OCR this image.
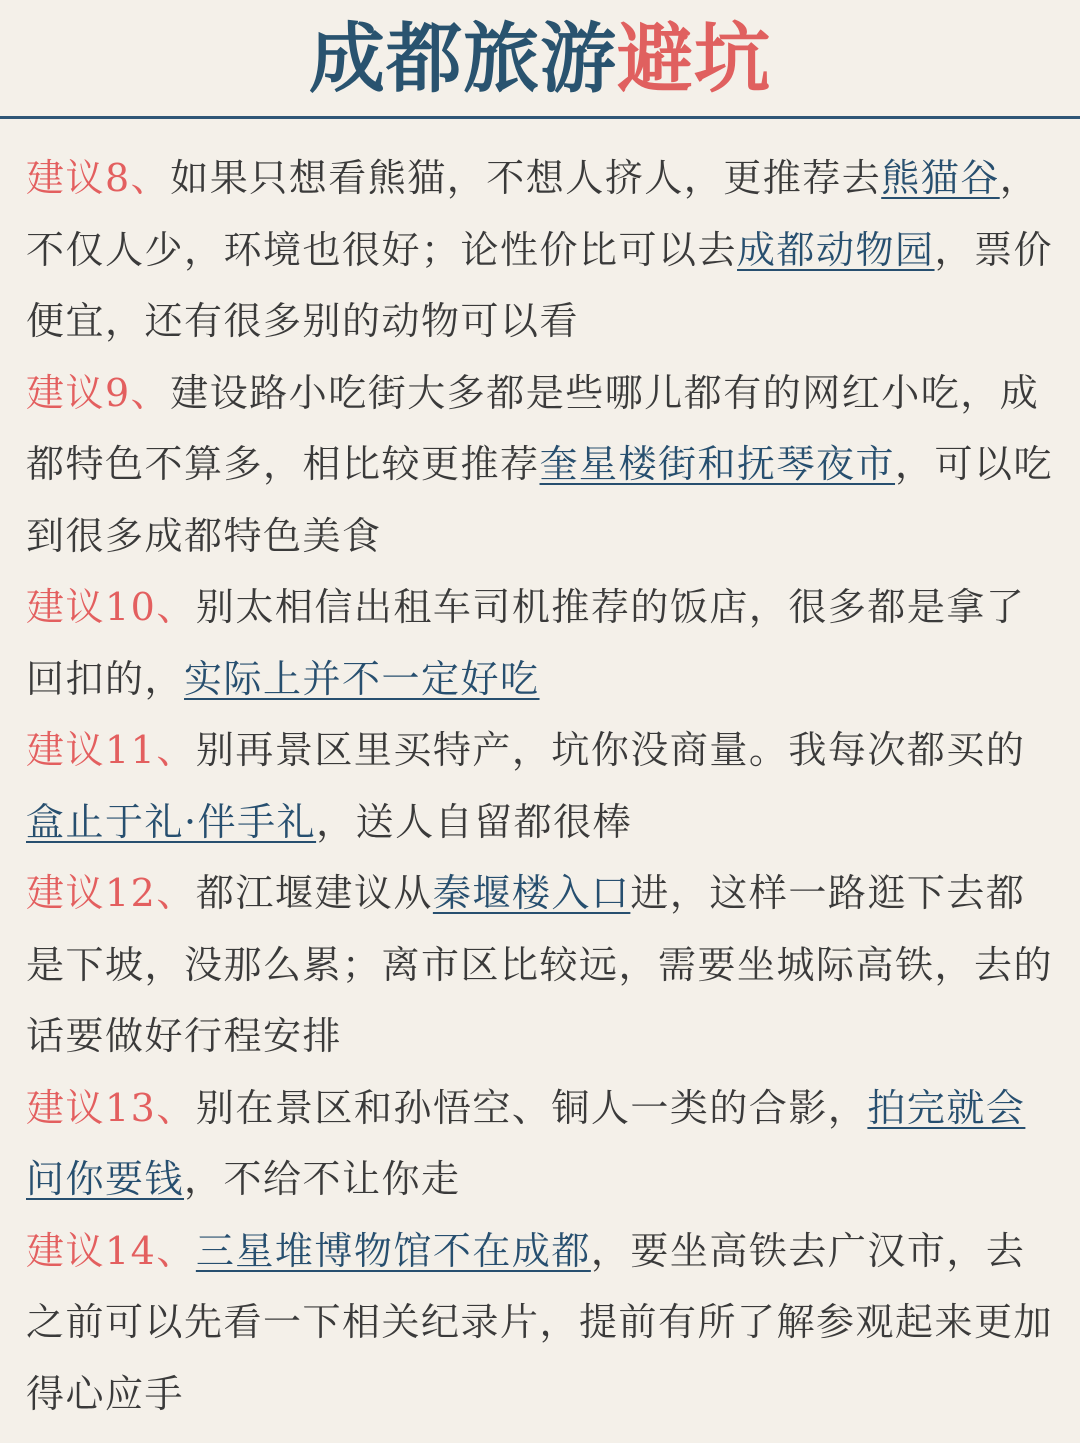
成都旅游避坑

建议8、如果只想看熊猫，不想人挤人，更推荐去熊猫谷，不仅人少，环境也很好；论性价比可以去成都动物园，票价便宜，还有很多别的动物可以看

建议9、建设路小吃街大多都是些哪儿都有的网红小吃，成都特色不算多，相比较更推荐奎星楼街和抚琴夜市，可以吃到很多成都特色美食

建议10、别太相信出租车司机推荐的饭店，很多都是拿了回扣的，实际上并不一定好吃

建议11、别再景区里买特产，坑你没商量。我每次都买的盒止于礼·伴手礼，送人自留都很棒

建议12、都江堰建议从秦堰楼入口进，这样一路逛下去都是下坡，没那么累；离市区比较远，需要坐城际高铁，去的话要做好行程安排

建议13、别在景区和孙悟空、铜人一类的合影，拍完就会问你要钱，不给不让你走

建议14、三星堆博物馆不在成都，要坐高铁去广汉市，去之前可以先看一下相关纪录片，提前有所了解参观起来更加得心应手
